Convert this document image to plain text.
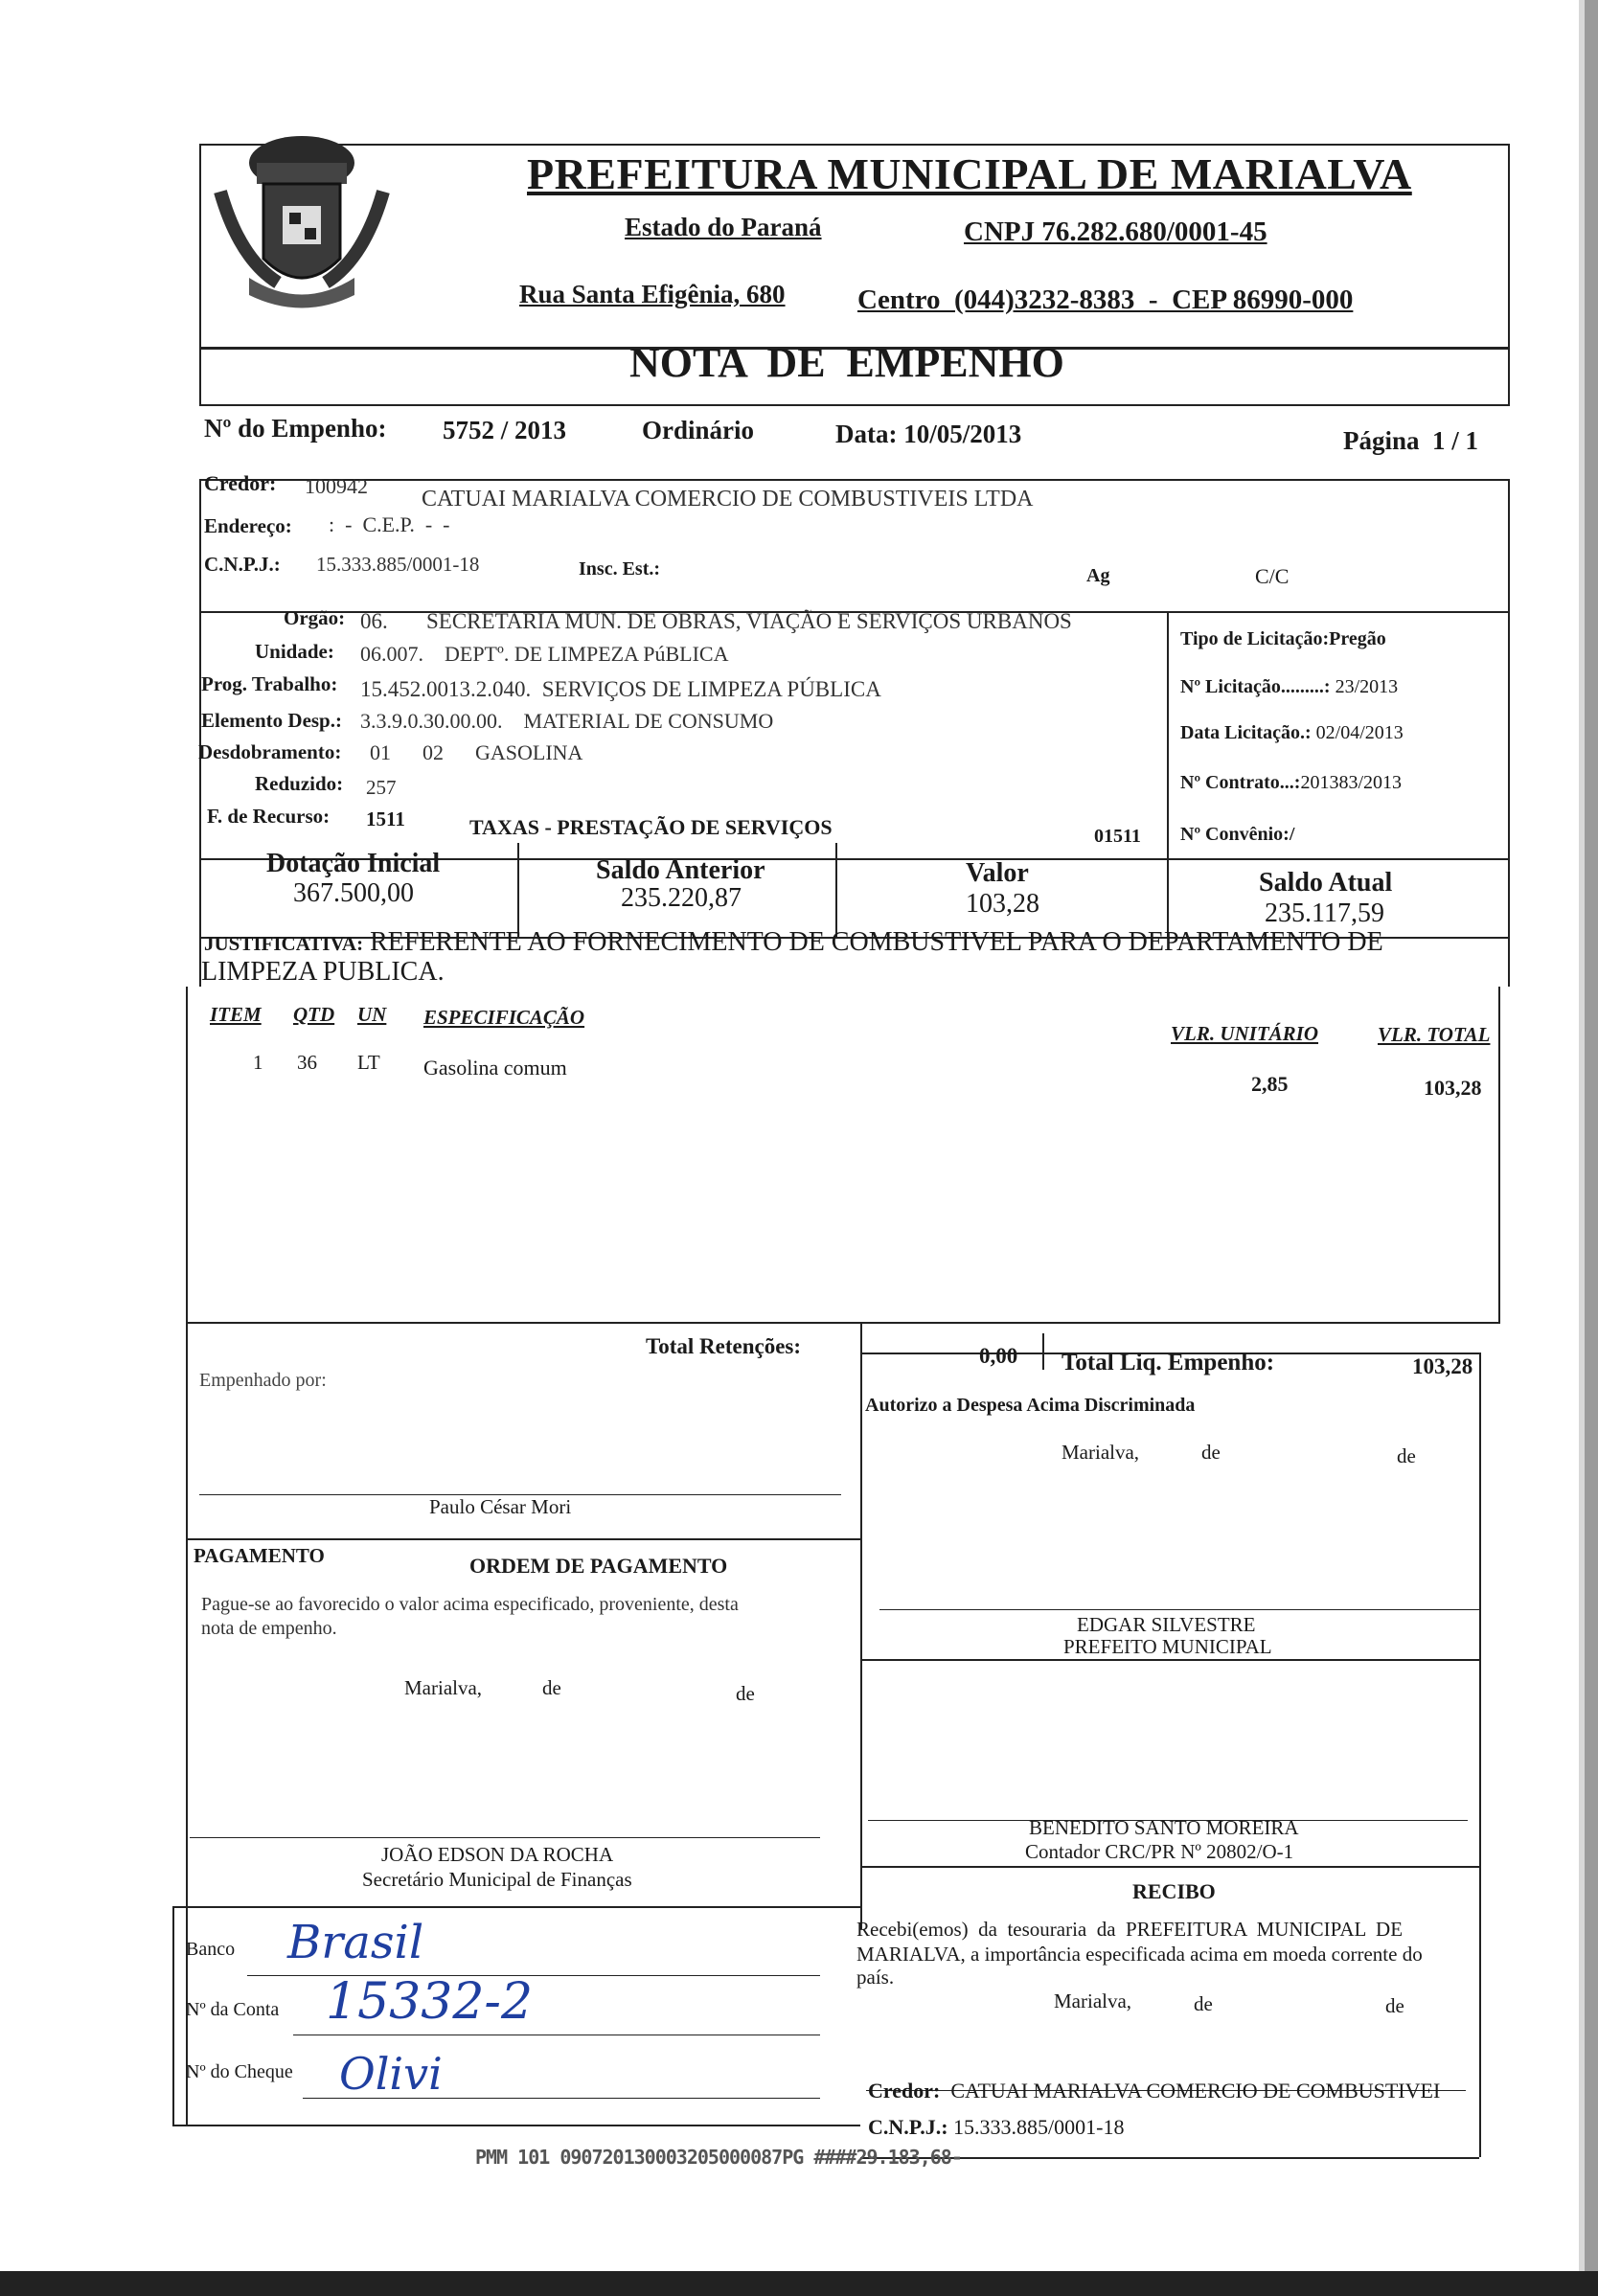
PREFEITURA MUNICIPAL DE MARIALVA
Estado do Paraná	CNPJ 76.282.680/0001-45
Rua Santa Efigênia, 680	Centro  (044)3232-8383  -  CEP 86990-000
NOTA  DE  EMPENHO
Nº do Empenho: 5752 / 2013	Ordinário	Data: 10/05/2013	Página  1 / 1
Credor: 100942
CATUAI MARIALVA COMERCIO DE COMBUSTIVEIS LTDA
Endereço: :  -  C.E.P.  -  -
C.N.P.J.: 15.333.885/0001-18	Insc. Est.:	Ag	C/C
Orgão: 06.       SECRETARIA MUN. DE OBRAS, VIAÇÃO E SERVIÇOS URBANOS
Unidade: 06.007.    DEPTº. DE LIMPEZA PúBLICA
Prog. Trabalho: 15.452.0013.2.040.  SERVIÇOS DE LIMPEZA PÚBLICA
Elemento Desp.: 3.3.9.0.30.00.00.    MATERIAL DE CONSUMO
Desdobramento: 01      02      GASOLINA
Reduzido: 257
F. de Recurso: 1511	TAXAS - PRESTAÇÃO DE SERVIÇOS	01511
Tipo de Licitação:Pregão
Nº Licitação.........: 23/2013
Data Licitação.: 02/04/2013
Nº Contrato...:201383/2013
Nº Convênio:/
Dotação Inicial
367.500,00
Saldo Anterior
235.220,87
Valor
103,28
Saldo Atual
235.117,59
JUSTIFICATIVA: REFERENTE AO FORNECIMENTO DE COMBUSTIVEL PARA O DEPARTAMENTO DE
LIMPEZA PUBLICA.
ITEM QTD UN ESPECIFICAÇÃO
VLR. UNITÁRIO	VLR. TOTAL
1 36 LT Gasolina comum
2,85	103,28
Total Retenções:	0,00 Total Liq. Empenho:	103,28
Empenhado por:
Paulo César Mori
Autorizo a Despesa Acima Discriminada
Marialva,	de	de
PAGAMENTO	ORDEM DE PAGAMENTO
Pague-se ao favorecido o valor acima especificado, proveniente, desta
nota de empenho.
Marialva,	de	de
EDGAR SILVESTRE
PREFEITO MUNICIPAL
JOÃO EDSON DA ROCHA
Secretário Municipal de Finanças
BENEDITO SANTO MOREIRA
Contador CRC/PR Nº 20802/O-1
RECIBO
Recebi(emos)  da  tesouraria  da  PREFEITURA  MUNICIPAL  DE
MARIALVA, a importância especificada acima em moeda corrente do
país.
Marialva,	de	de
Banco Brasil
Nº da Conta 15332-2
Nº do Cheque Olivi	Credor: CATUAI MARIALVA COMERCIO DE COMBUSTIVEI
C.N.P.J.: 15.333.885/0001-18
PMM 101 090720130003205000087PG ####29.183,68-
